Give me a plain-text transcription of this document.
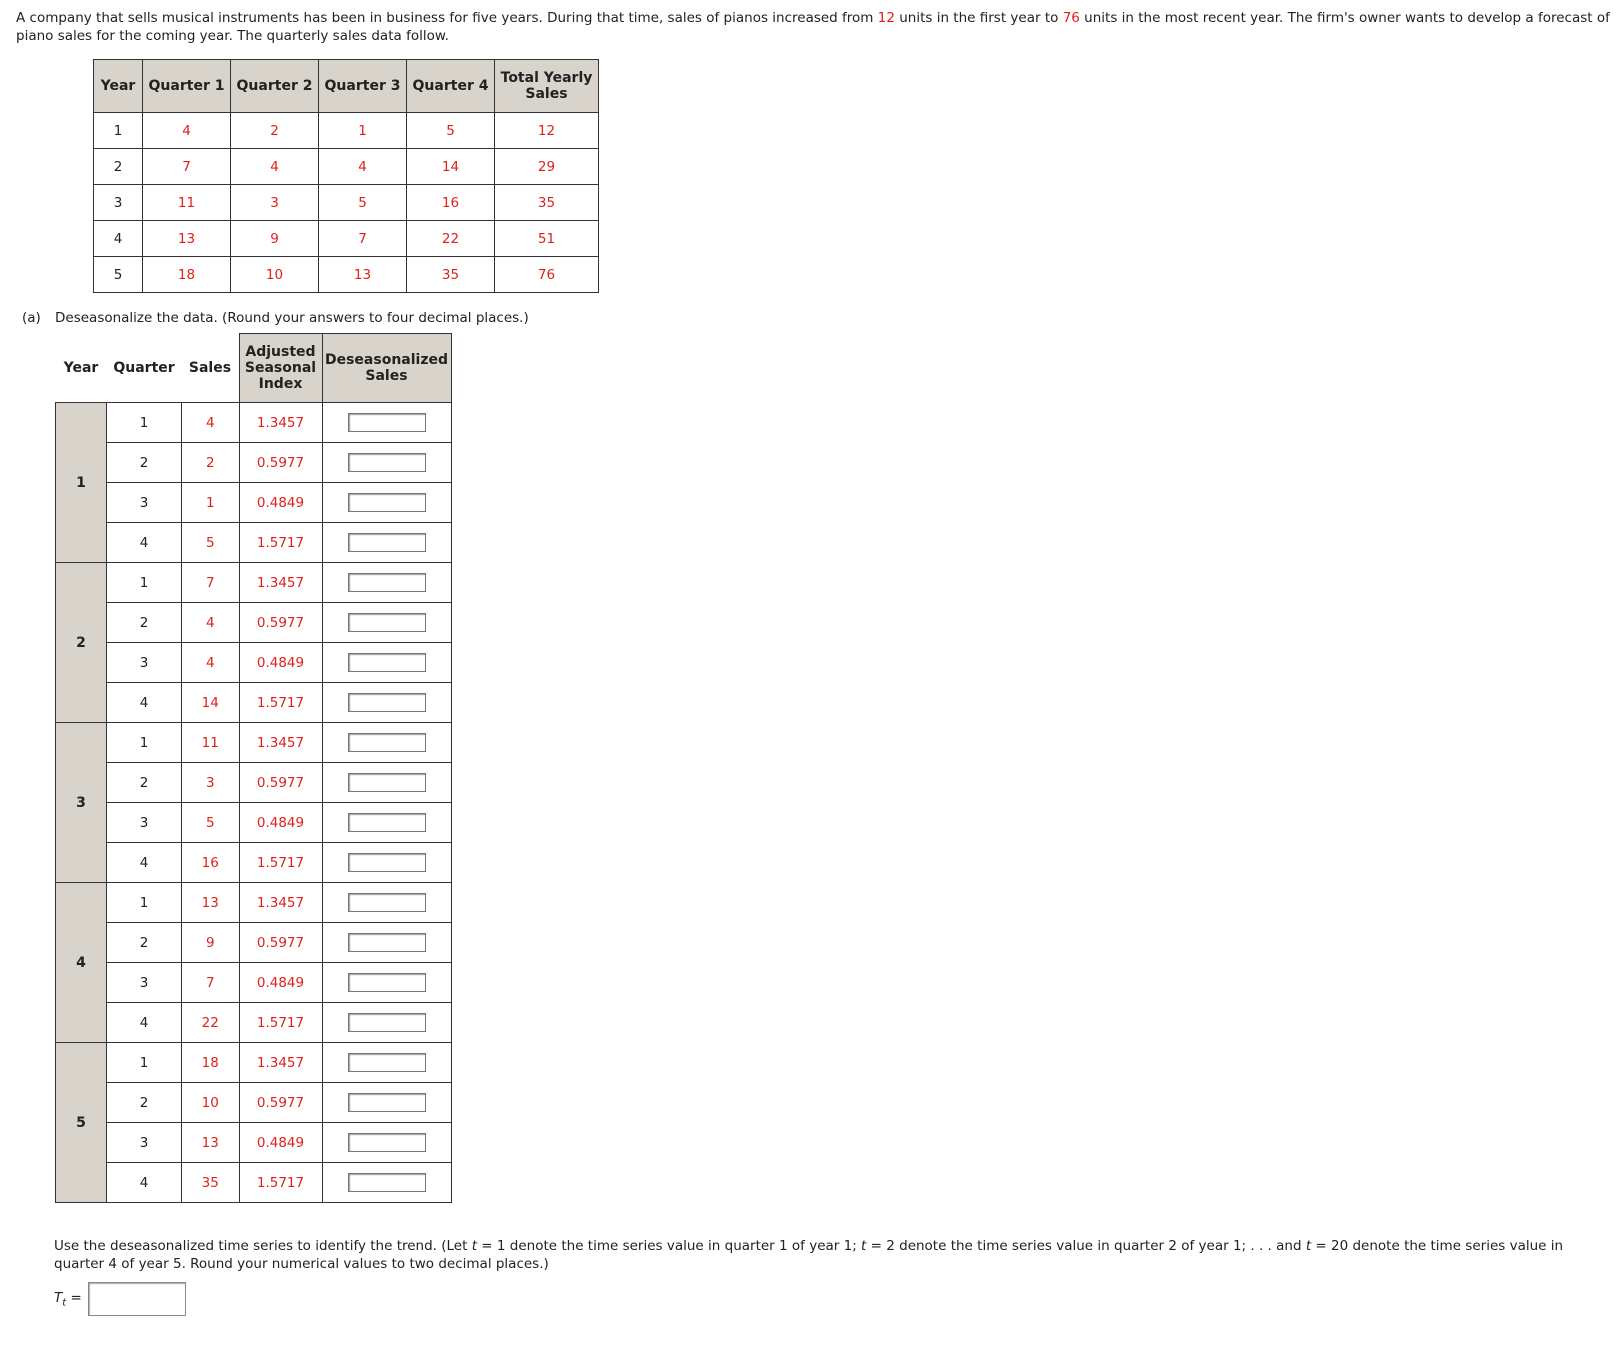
A company that sells musical instruments has been in business for five years. During that time, sales of pianos increased from 12 units in the first year to 76 units in the most recent year. The firm's owner wants to develop a forecast of piano sales for the coming year. The quarterly sales data follow.

Year	Quarter 1	Quarter 2	Quarter 3	Quarter 4	Total Yearly Sales
1	4	2	1	5	12
2	7	4	4	14	29
3	11	3	5	16	35
4	13	9	7	22	51
5	18	10	13	35	76
(a) Deseasonalize the data. (Round your answers to four decimal places.)
Year	Quarter	Sales	Adjusted Seasonal Index	Deseasonalized Sales
1	1	4	1.3457	
	2	2	0.5977	
	3	1	0.4849	
	4	5	1.5717	
2	1	7	1.3457	
	2	4	0.5977	
	3	4	0.4849	
	4	14	1.5717	
3	1	11	1.3457	
	2	3	0.5977	
	3	5	0.4849	
	4	16	1.5717	
4	1	13	1.3457	
	2	9	0.5977	
	3	7	0.4849	
	4	22	1.5717	
5	1	18	1.3457	
	2	10	0.5977	
	3	13	0.4849	
	4	35	1.5717	

Use the deseasonalized time series to identify the trend. (Let t = 1 denote the time series value in quarter 1 of year 1; t = 2 denote the time series value in quarter 2 of year 1; . . . and t = 20 denote the time series value in quarter 4 of year 5. Round your numerical values to two decimal places.)

$T_t$ =
